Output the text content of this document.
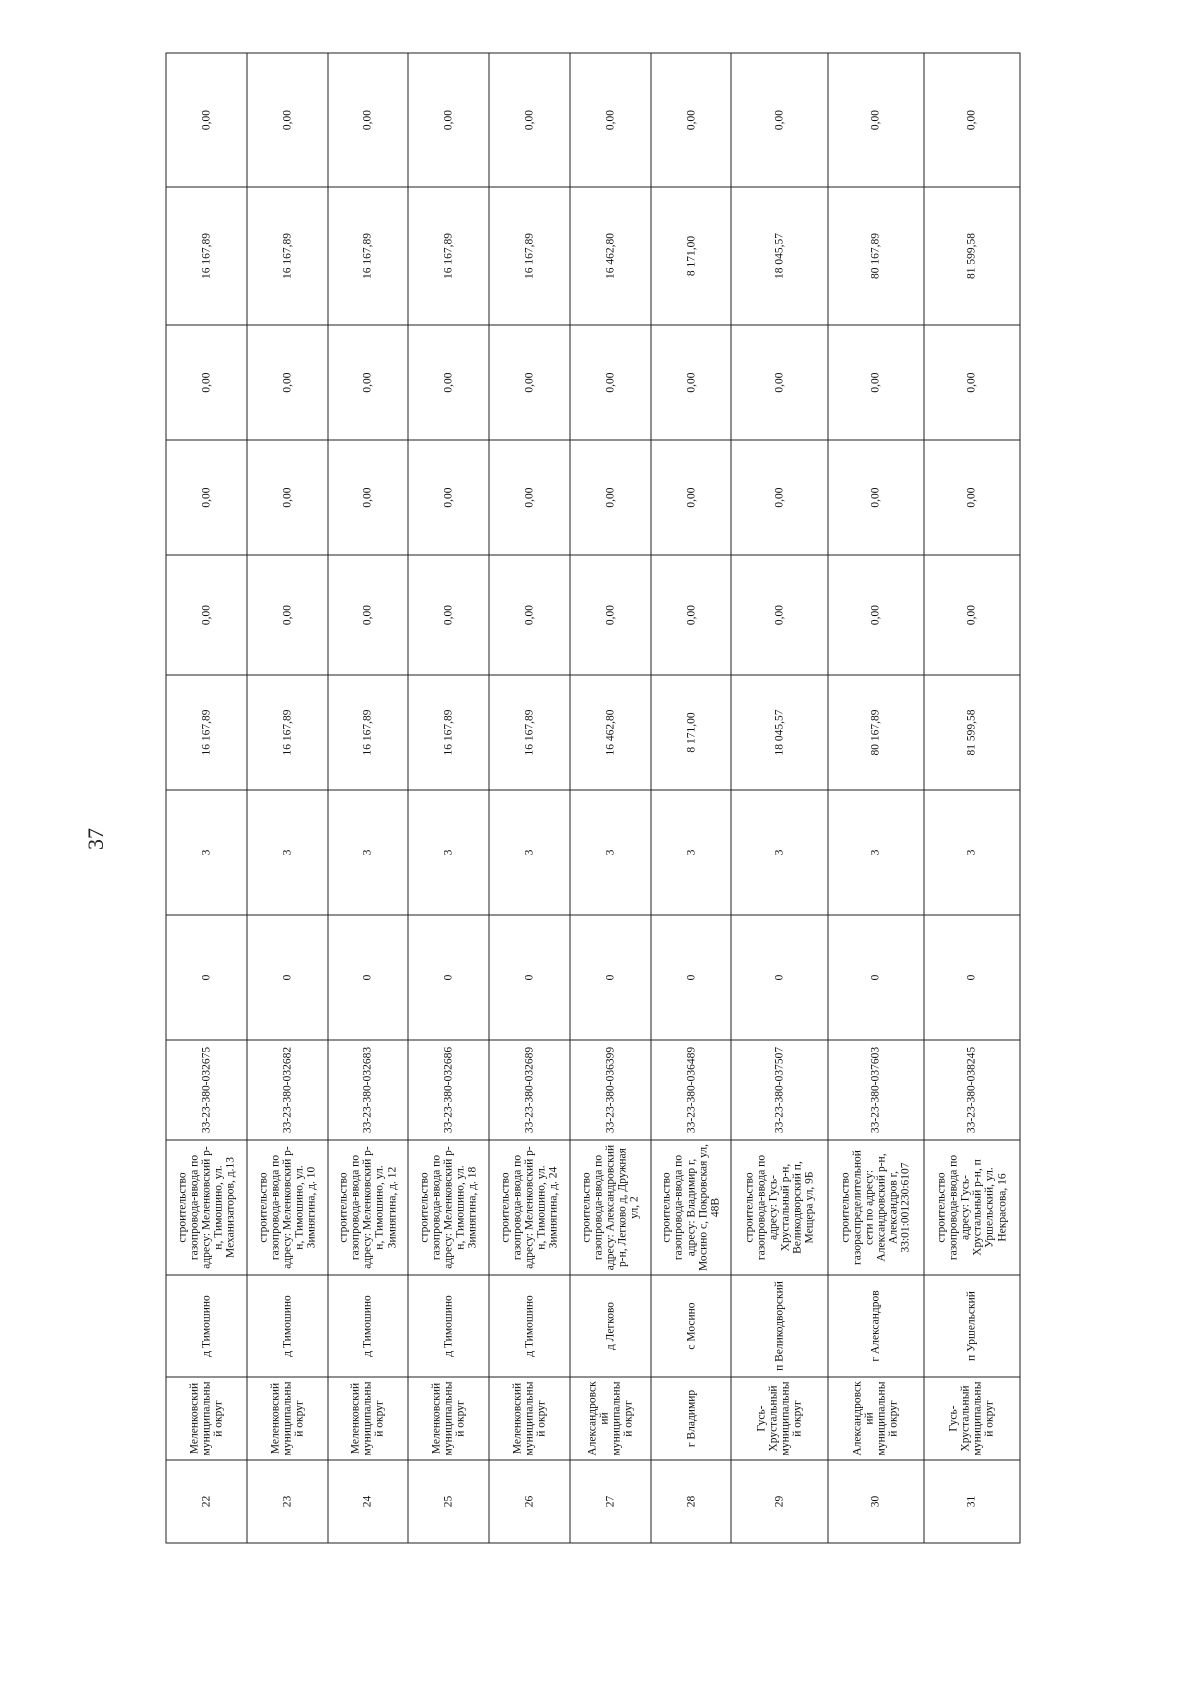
37
22	Меленковский муниципальный округ	д Тимошино	строительство газопровода-ввода по адресу: Меленковский р-н, Тимошино, ул. Механизаторов, д.13	33-23-380-032675	0	3	16 167,89	0,00	0,00	0,00	16 167,89	0,00
23	Меленковский муниципальный округ	д Тимошино	строительство газопровода-ввода по адресу: Меленковский р-н, Тимошино, ул. Зимнягина, д. 10	33-23-380-032682	0	3	16 167,89	0,00	0,00	0,00	16 167,89	0,00
24	Меленковский муниципальный округ	д Тимошино	строительство газопровода-ввода по адресу: Меленковский р-н, Тимошино, ул. Зимнягина, д. 12	33-23-380-032683	0	3	16 167,89	0,00	0,00	0,00	16 167,89	0,00
25	Меленковский муниципальный округ	д Тимошино	строительство газопровода-ввода по адресу: Меленковский р-н, Тимошино, ул. Зимнягина, д. 18	33-23-380-032686	0	3	16 167,89	0,00	0,00	0,00	16 167,89	0,00
26	Меленковский муниципальный округ	д Тимошино	строительство газопровода-ввода по адресу: Меленковский р-н, Тимошино, ул. Зимнягина, д. 24	33-23-380-032689	0	3	16 167,89	0,00	0,00	0,00	16 167,89	0,00
27	Александровский муниципальный округ	д Легково	строительство газопровода-ввода по адресу: Александровский р-н, Легково д, Дружная ул, 2	33-23-380-036399	0	3	16 462,80	0,00	0,00	0,00	16 462,80	0,00
28	г Владимир	с Мосино	строительство газопровода-ввода по адресу: Владимир г, Мосино с, Покровская ул, 48В	33-23-380-036489	0	3	8 171,00	0,00	0,00	0,00	8 171,00	0,00
29	Гусь-Хрустальный муниципальный округ	п Великодворский	строительство газопровода-ввода по адресу: Гусь-Хрустальный р-н, Великодворский п, Мещера ул, 9Б	33-23-380-037507	0	3	18 045,57	0,00	0,00	0,00	18 045,57	0,00
30	Александровский муниципальный округ	г Александров	строительство газораспределительной сети по адресу: Александровский р-н, Александров г, 33:01:001230:6107	33-23-380-037603	0	3	80 167,89	0,00	0,00	0,00	80 167,89	0,00
31	Гусь-Хрустальный муниципальный округ	п Уршельский	строительство газопровода-ввода по адресу: Гусь-Хрустальный р-н, п Уршельский, ул. Некрасова, 16	33-23-380-038245	0	3	81 599,58	0,00	0,00	0,00	81 599,58	0,00
